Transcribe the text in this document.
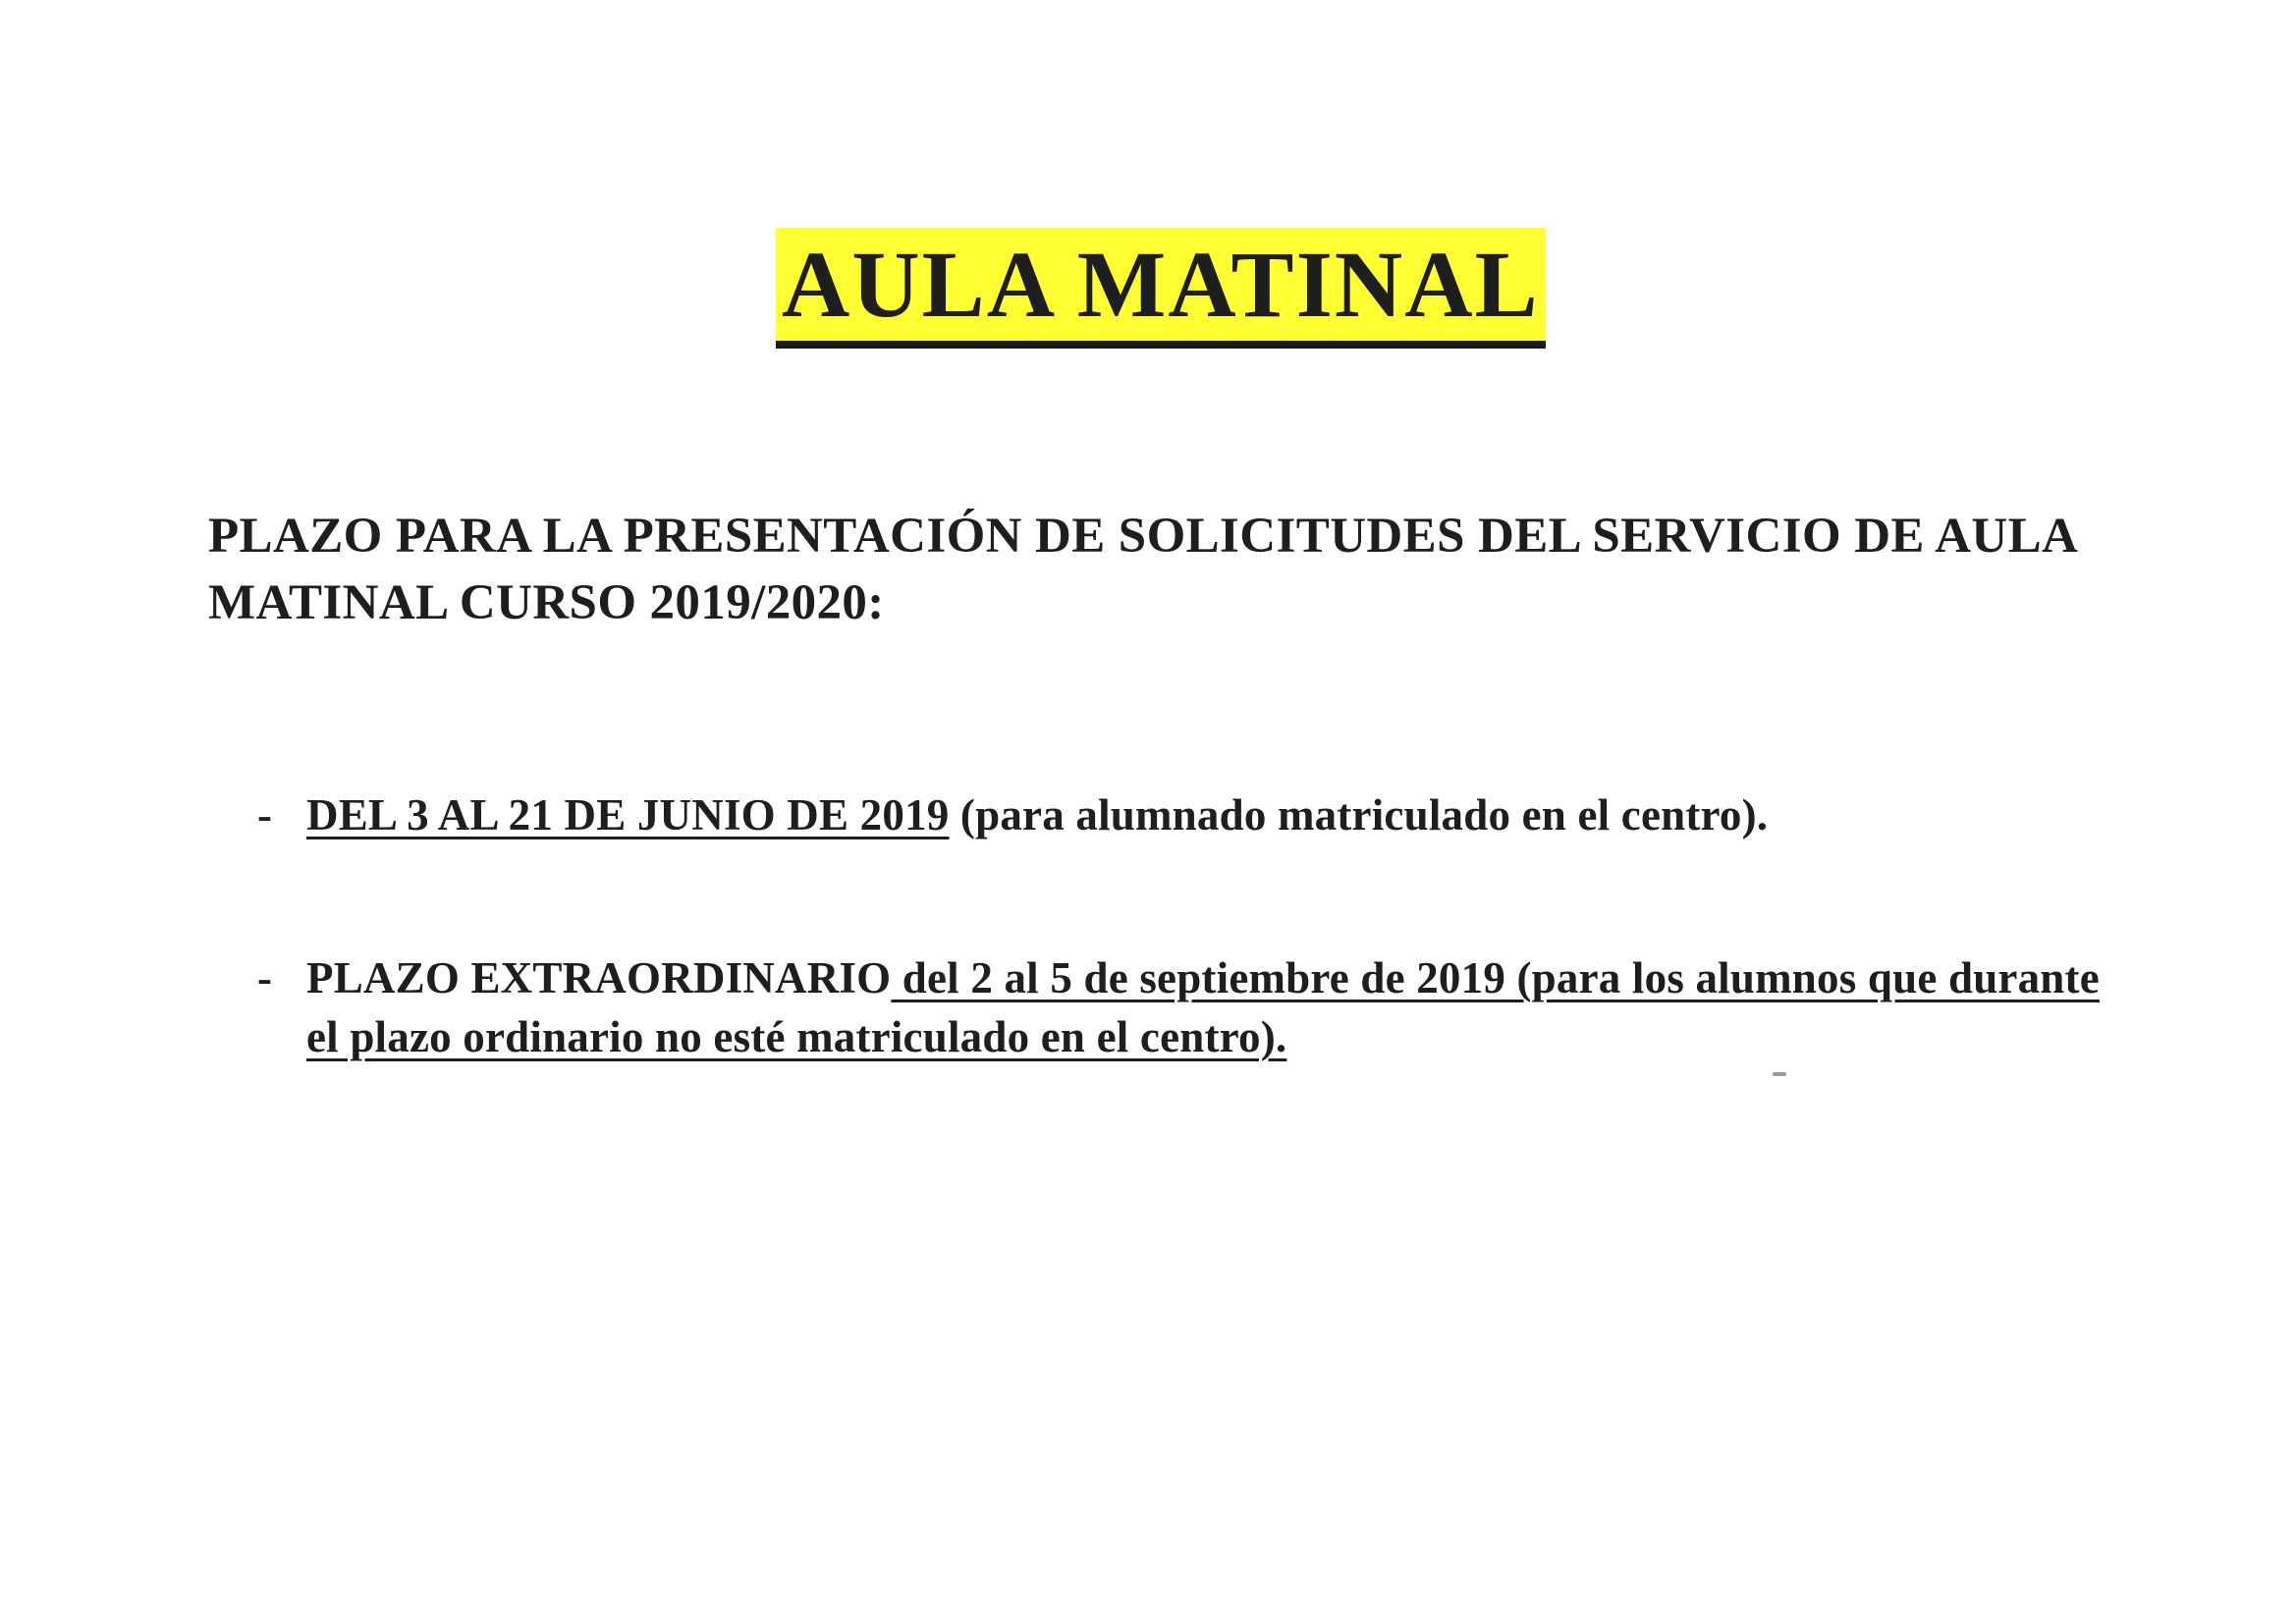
AULA MATINAL
PLAZO PARA LA PRESENTACIÓN DE SOLICITUDES DEL SERVICIO DE AULA MATINAL CURSO 2019/2020:
- DEL 3 AL 21 DE JUNIO DE 2019 (para alumnado matriculado en el centro).
- PLAZO EXTRAORDINARIO del 2 al 5 de septiembre de 2019 (para los alumnos que durante el plazo ordinario no esté matriculado en el centro).
